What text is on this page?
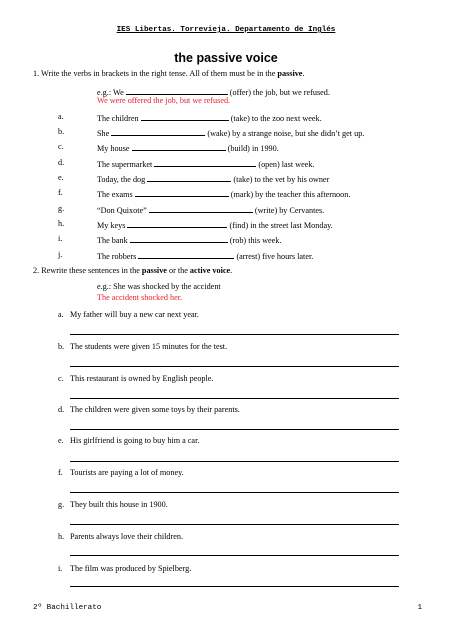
IES Libertas. Torrevieja. Departamento de Inglés
the passive voice
1. Write the verbs in brackets in the right tense. All of them must be in the passive.
e.g.: We	(offer) the job, but we refused.
We were offered the job, but we refused.
a.	The children	(take) to the zoo next week.
b.	She	(wake) by a strange noise, but she didn’t get up.
c.	My house	(build) in 1990.
d.	The supermarket	(open) last week.
e.	Today, the dog	(take) to the vet by his owner
f.	The exams	(mark) by the teacher this afternoon.
g.	“Don Quixote”	(write) by Cervantes.
h.	My keys	(find) in the street last Monday.
i.	The bank	(rob) this week.
j.	The robbers	(arrest) five hours later.
2. Rewrite these sentences in the passive or the active voice.
e.g.: She was shocked by the accident
The accident shocked her.
a. My father will buy a new car next year.
b. The students were given 15 minutes for the test.
c. This restaurant is owned by English people.
d. The children were given some toys by their parents.
e. His girlfriend is going to buy him a car.
f. Tourists are paying a lot of money.
g. They built this house in 1900.
h. Parents always love their children.
i. The film was produced by Spielberg.
2º Bachillerato	1
